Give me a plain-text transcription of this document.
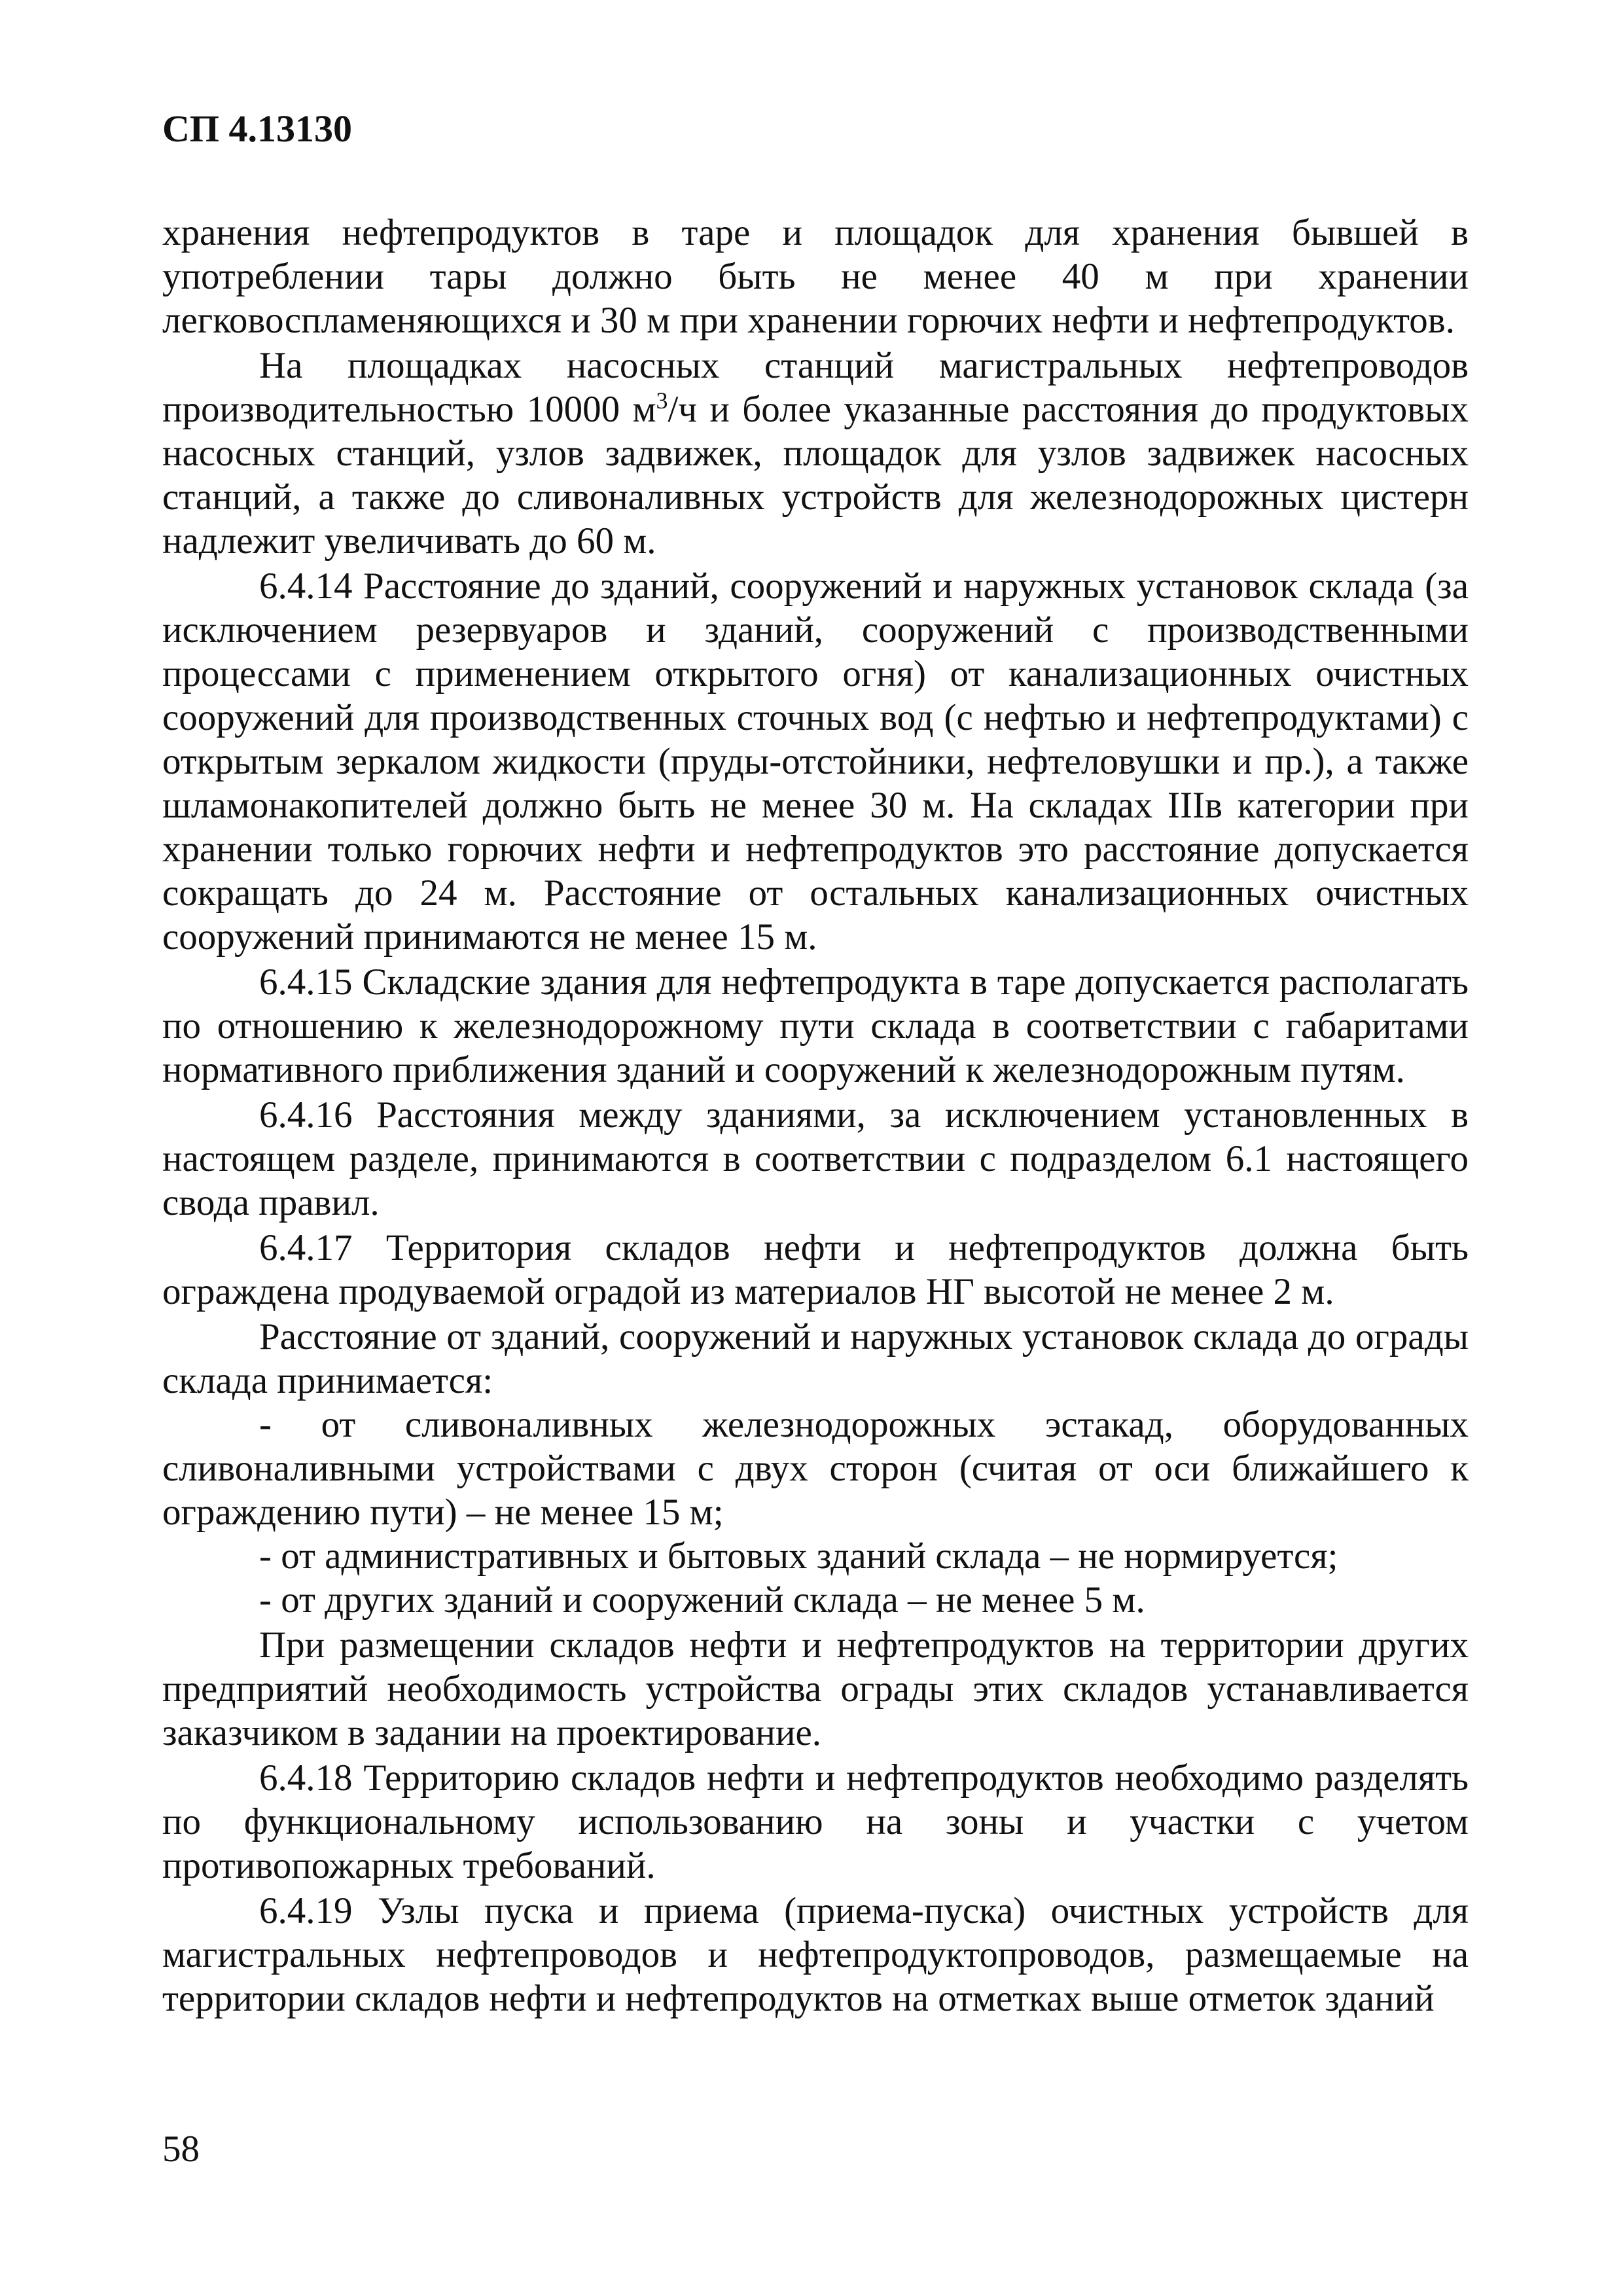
СП 4.13130

хранения нефтепродуктов в таре и площадок для хранения бывшей в употреблении тары должно быть не менее 40 м при хранении легковоспламеняющихся и 30 м при хранении горючих нефти и нефтепродуктов.

На площадках насосных станций магистральных нефтепроводов производительностью 10000 $м^3/ч$ и более указанные расстояния до продуктовых насосных станций, узлов задвижек, площадок для узлов задвижек насосных станций, а также до сливоналивных устройств для железнодорожных цистерн надлежит увеличивать до 60 м.

6.4.14 Расстояние до зданий, сооружений и наружных установок склада (за исключением резервуаров и зданий, сооружений с производственными процессами с применением открытого огня) от канализационных очистных сооружений для производственных сточных вод (с нефтью и нефтепродуктами) с открытым зеркалом жидкости (пруды-отстойники, нефтеловушки и пр.), а также шламонакопителей должно быть не менее 30 м. На складах IIIв категории при хранении только горючих нефти и нефтепродуктов это расстояние допускается сокращать до 24 м. Расстояние от остальных канализационных очистных сооружений принимаются не менее 15 м.

6.4.15 Складские здания для нефтепродукта в таре допускается располагать по отношению к железнодорожному пути склада в соответствии с габаритами нормативного приближения зданий и сооружений к железнодорожным путям.

6.4.16 Расстояния между зданиями, за исключением установленных в настоящем разделе, принимаются в соответствии с подразделом 6.1 настоящего свода правил.

6.4.17 Территория складов нефти и нефтепродуктов должна быть ограждена продуваемой оградой из материалов НГ высотой не менее 2 м.

Расстояние от зданий, сооружений и наружных установок склада до ограды склада принимается:

- от сливоналивных железнодорожных эстакад, оборудованных сливоналивными устройствами с двух сторон (считая от оси ближайшего к ограждению пути) – не менее 15 м;

- от административных и бытовых зданий склада – не нормируется;

- от других зданий и сооружений склада – не менее 5 м.

При размещении складов нефти и нефтепродуктов на территории других предприятий необходимость устройства ограды этих складов устанавливается заказчиком в задании на проектирование.

6.4.18 Территорию складов нефти и нефтепродуктов необходимо разделять по функциональному использованию на зоны и участки с учетом противопожарных требований.

6.4.19 Узлы пуска и приема (приема-пуска) очистных устройств для магистральных нефтепроводов и нефтепродуктопроводов, размещаемые на территории складов нефти и нефтепродуктов на отметках выше отметок зданий

58
